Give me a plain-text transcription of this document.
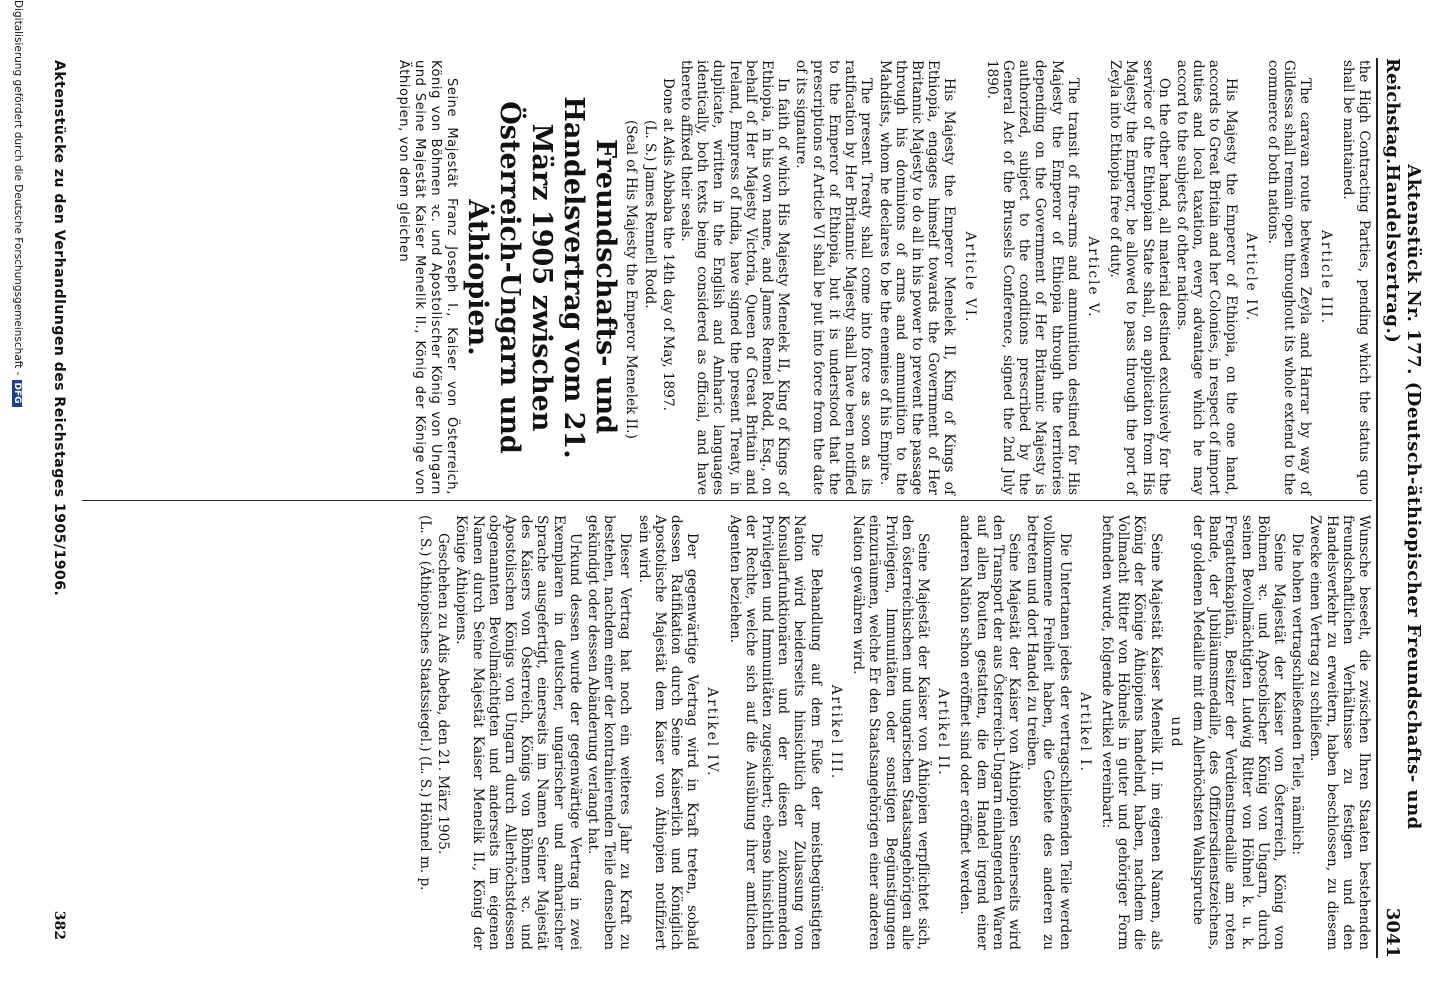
Reichstag.
Aktenstück Nr. 177. (Deutsch-äthiopischer Freundschafts- und Handelsvertrag.)
3041

the High Contracting Parties, pending which the status quo shall be maintained.

Article III.

The caravan route between Zeyla and Harrar by way of Gildessa shall remain open throughout its whole extend to the commerce of both nations.

Article IV.

His Majesty the Emperor of Ethiopia, on the one hand, accords to Great Britain and her Colonies, in respect of import duties and local taxation, every advantage which he may accord to the subjects of other nations.

On the other hand, all material destined exclusively for the service of the Ethiopian State shall, on application from His Majesty the Emperor, be allowed to pass through the port of Zeyla into Ethiopia free of duty.

Article V.

The transit of fire-arms and ammunition destined for His Majesty the Emperor of Ethiopia through the territories depending on the Government of Her Britannic Majesty is authorized, subject to the conditions prescribed by the General Act of the Brussels Conference, signed the 2nd July 1890.

Article VI.

His Majesty the Emperor Menelek II, King of Kings of Ethiopia, engages himself towards the Government of Her Britannic Majesty to do all in his power to prevent the passage through his dominions of arms and ammunition to the Mahdists, whom he declares to be the enemies of his Empire.

The present Treaty shall come into force as soon as its ratification by Her Britannic Majesty shall have been notified to the Emperor of Ethiopia, but it is understood that the prescriptions of Article VI shall be put into force from the date of its signature.

In faith of which His Majesty Menelek II, King of Kings of Ethiopia, in his own name, and James Rennel Rodd, Esq., on behalf of Her Majesty Victoria, Queen of Great Britain and Ireland, Empress of India, have signed the present Treaty, in duplicate, written in the English and Amharic languages identically, both texts being considered as official, and have thereto affixed their seals.

Done at Adis Abbaba the 14th day of May, 1897.

(L. S.) James Rennell Rodd.

(Seal of His Majesty the Emperor Menelek II.)

Freundschafts- und Handelsvertrag vom 21. März 1905 zwischen Österreich-Ungarn und Äthiopien.

Seine Majestät Franz Joseph I., Kaiser von Österreich, König von Böhmen ꝛc. und Apostolischer König von Ungarn und Seine Majestät Kaiser Menelik II., König der Könige von Äthiopien, von dem gleichen

Wunsche beseelt, die zwischen Ihren Staaten bestehenden freundschaftlichen Verhältnisse zu festigen und den Handelsverkehr zu erweitern, haben beschlossen, zu diesem Zwecke einen Vertrag zu schließen.

Die hohen vertragschließenden Teile, nämlich:

Seine Majestät der Kaiser von Österreich, König von Böhmen ꝛc. und Apostolischer König von Ungarn, durch seinen Bevollmächtigten Ludwig Ritter von Höhnel k. u. k. Fregattenkapitän, Besitzer der Verdienstmedaille am roten Bande, der Jubiläumsmedaille, des Offiziersdienstzeichens, der goldenen Medaille mit dem Allerhöchsten Wahlspruche

und

Seine Majestät Kaiser Menelik II. im eigenen Namen, als König der Könige Äthiopiens handelnd, haben, nachdem die Vollmacht Ritter von Höhnels in guter und gehöriger Form befunden wurde, folgende Artikel vereinbart:

Artikel I.

Die Untertanen jedes der vertragschließenden Teile werden vollkommene Freiheit haben, die Gebiete des anderen zu betreten und dort Handel zu treiben.

Seine Majestät der Kaiser von Äthiopien Seinerseits wird den Transport der aus Österreich-Ungarn einlangenden Waren auf allen Routen gestatten, die dem Handel irgend einer anderen Nation schon eröffnet sind oder eröffnet werden.

Artikel II.

Seine Majestät der Kaiser von Äthiopien verpflichtet sich, den österreichischen und ungarischen Staatsangehörigen alle Privilegien, Immunitäten oder sonstigen Begünstigungen einzuräumen, welche Er den Staatsangehörigen einer anderen Nation gewähren wird.

Artikel III.

Die Behandlung auf dem Fuße der meistbegünstigten Nation wird beiderseits hinsichtlich der Zulassung von Konsularfunktionären und der diesen zukommenden Privilegien und Immunitäten zugesichert; ebenso hinsichtlich der Rechte, welche sich auf die Ausübung ihrer amtlichen Agenten beziehen.

Artikel IV.

Der gegenwärtige Vertrag wird in Kraft treten, sobald dessen Ratifikation durch Seine Kaiserlich und Königlich Apostolische Majestät dem Kaiser von Äthiopien notifiziert sein wird.

Dieser Vertrag hat noch ein weiteres Jahr zu Kraft zu bestehen, nachdem einer der kontrahierenden Teile denselben gekündigt oder dessen Abänderung verlangt hat.

Urkund dessen wurde der gegenwärtige Vertrag in zwei Exemplaren in deutscher, ungarischer und amharischer Sprache ausgefertigt, einerseits im Namen Seiner Majestät des Kaisers von Österreich, Königs von Böhmen ꝛc. und Apostolischen Königs von Ungarn durch Allerhöchstdessen obgenannten Bevollmächtigten und anderseits im eigenen Namen durch Seine Majestät Kaiser Menelik II., König der Könige Äthiopiens.

Geschehen zu Adis Abeba, den 21. März 1905.

(L. S.) (Äthiopisches Staatssiegel.) (L. S.) Höhnel m. p.

Aktenstücke zu den Verhandlungen des Reichstages 1905/1906.
382
Digitalisierung gefördert durch die Deutsche Forschungsgemeinschaft -DFG
